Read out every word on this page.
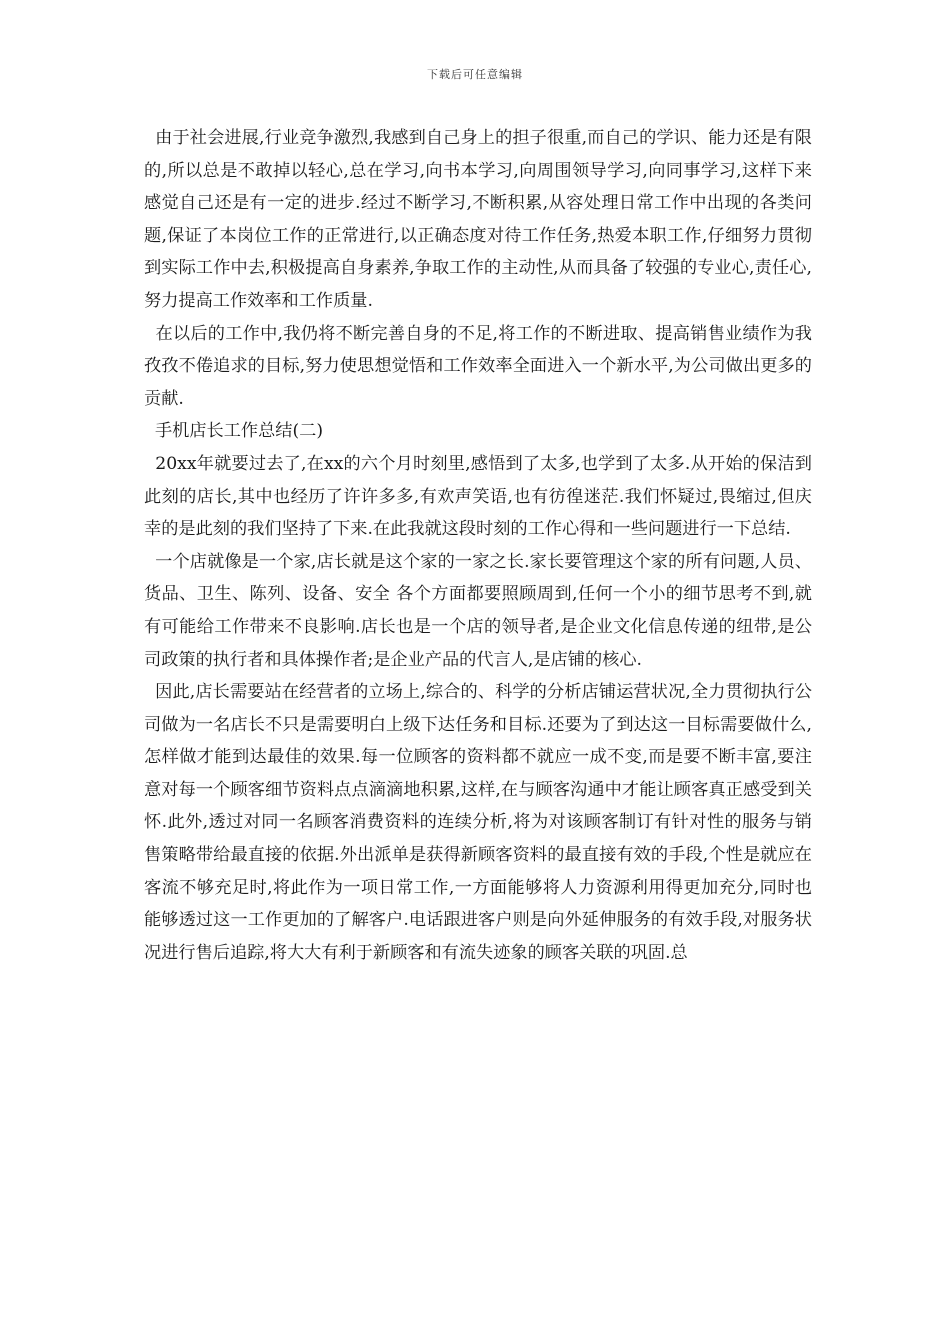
下载后可任意编辑

由于社会进展,行业竞争激烈,我感到自己身上的担子很重,而自己的学识、能力还是有限的,所以总是不敢掉以轻心,总在学习,向书本学习,向周围领导学习,向同事学习,这样下来感觉自己还是有一定的进步.经过不断学习,不断积累,从容处理日常工作中出现的各类问题,保证了本岗位工作的正常进行,以正确态度对待工作任务,热爱本职工作,仔细努力贯彻到实际工作中去,积极提高自身素养,争取工作的主动性,从而具备了较强的专业心,责任心,努力提高工作效率和工作质量.

在以后的工作中,我仍将不断完善自身的不足,将工作的不断进取、提高销售业绩作为我孜孜不倦追求的目标,努力使思想觉悟和工作效率全面进入一个新水平,为公司做出更多的贡献.

手机店长工作总结(二)

20xx年就要过去了,在xx的六个月时刻里,感悟到了太多,也学到了太多.从开始的保洁到此刻的店长,其中也经历了许许多多,有欢声笑语,也有彷徨迷茫.我们怀疑过,畏缩过,但庆幸的是此刻的我们坚持了下来.在此我就这段时刻的工作心得和一些问题进行一下总结.

一个店就像是一个家,店长就是这个家的一家之长.家长要管理这个家的所有问题,人员、货品、卫生、陈列、设备、安全 各个方面都要照顾周到,任何一个小的细节思考不到,就有可能给工作带来不良影响.店长也是一个店的领导者,是企业文化信息传递的纽带,是公司政策的执行者和具体操作者;是企业产品的代言人,是店铺的核心.

因此,店长需要站在经营者的立场上,综合的、科学的分析店铺运营状况,全力贯彻执行公司做为一名店长不只是需要明白上级下达任务和目标.还要为了到达这一目标需要做什么,怎样做才能到达最佳的效果.每一位顾客的资料都不就应一成不变,而是要不断丰富,要注意对每一个顾客细节资料点点滴滴地积累,这样,在与顾客沟通中才能让顾客真正感受到关怀.此外,透过对同一名顾客消费资料的连续分析,将为对该顾客制订有针对性的服务与销售策略带给最直接的依据.外出派单是获得新顾客资料的最直接有效的手段,个性是就应在客流不够充足时,将此作为一项日常工作,一方面能够将人力资源利用得更加充分,同时也能够透过这一工作更加的了解客户.电话跟进客户则是向外延伸服务的有效手段,对服务状况进行售后追踪,将大大有利于新顾客和有流失迹象的顾客关联的巩固.总
